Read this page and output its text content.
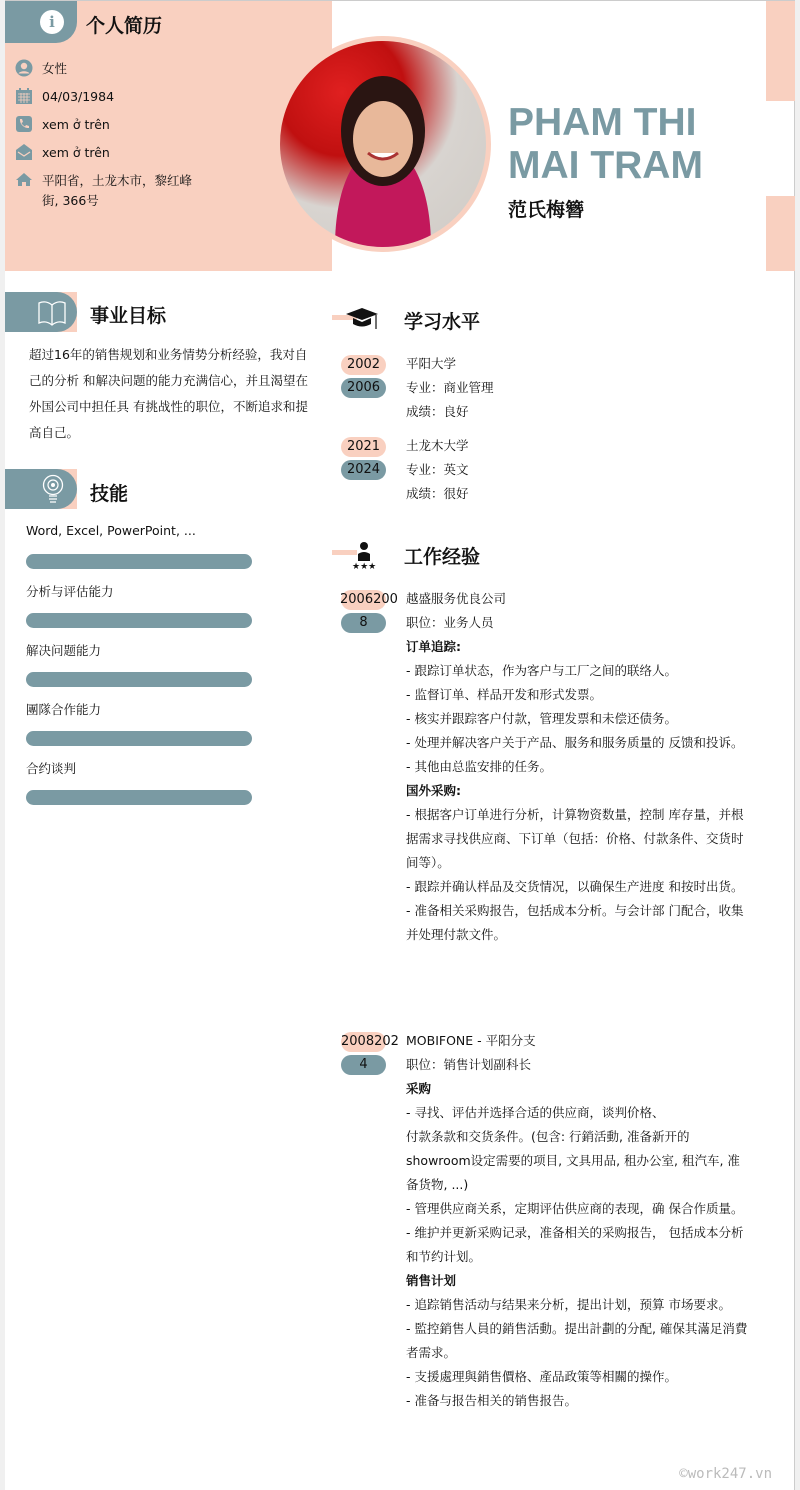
i	个人简历
女性
04/03/1984
xem ở trên
xem ở trên
平阳省，土龙木市，黎红峰街, 366号
PHAM THI
MAI TRAM
范氏梅簪
事业目标
超过16年的销售规划和业务情势分析经验，我对自己的分析 和解决问题的能力充满信心，并且渴望在外国公司中担任具 有挑战性的职位，不断追求和提高自己。
技能
Word, Excel, PowerPoint, ...
分析与评估能力
解决问题能力
團隊合作能力
合约谈判
学习水平
2002
2006
平阳大学
专业：商业管理
成绩：良好
2021
2024
土龙木大学
专业：英文
成绩：很好
★★★ 工作经验
2006200
8
越盛服务优良公司
职位：业务人员
订单追踪:
- 跟踪订单状态，作为客户与工厂之间的联络人。
- 监督订单、样品开发和形式发票。
- 核实并跟踪客户付款，管理发票和未偿还债务。
- 处理并解决客户关于产品、服务和服务质量的 反馈和投诉。
- 其他由总监安排的任务。
国外采购:
- 根据客户订单进行分析，计算物资数量，控制 库存量，并根据需求寻找供应商、下订单（包括：价格、付款条件、交货时间等）。
- 跟踪并确认样品及交货情况，以确保生产进度 和按时出货。
- 准备相关采购报告，包括成本分析。与会计部 门配合，收集并处理付款文件。
2008202
4
MOBIFONE - 平阳分支
职位：销售计划副科长
采购
- 寻找、评估并选择合适的供应商，谈判价格、
付款条款和交货条件。(包含: 行銷活動, 准备新开的showroom设定需要的项目, 文具用品, 租办公室, 租汽车, 准备货物, ...)
- 管理供应商关系，定期评估供应商的表现，确 保合作质量。
- 维护并更新采购记录，准备相关的采购报告， 包括成本分析和节约计划。
销售计划
- 追踪销售活动与结果来分析，提出计划，预算 市场要求。
- 監控銷售人員的銷售活動。提出計劃的分配, 確保其滿足消費者需求。
- 支援處理與銷售價格、產品政策等相關的操作。
- 准备与报告相关的销售报告。
©work247.vn
